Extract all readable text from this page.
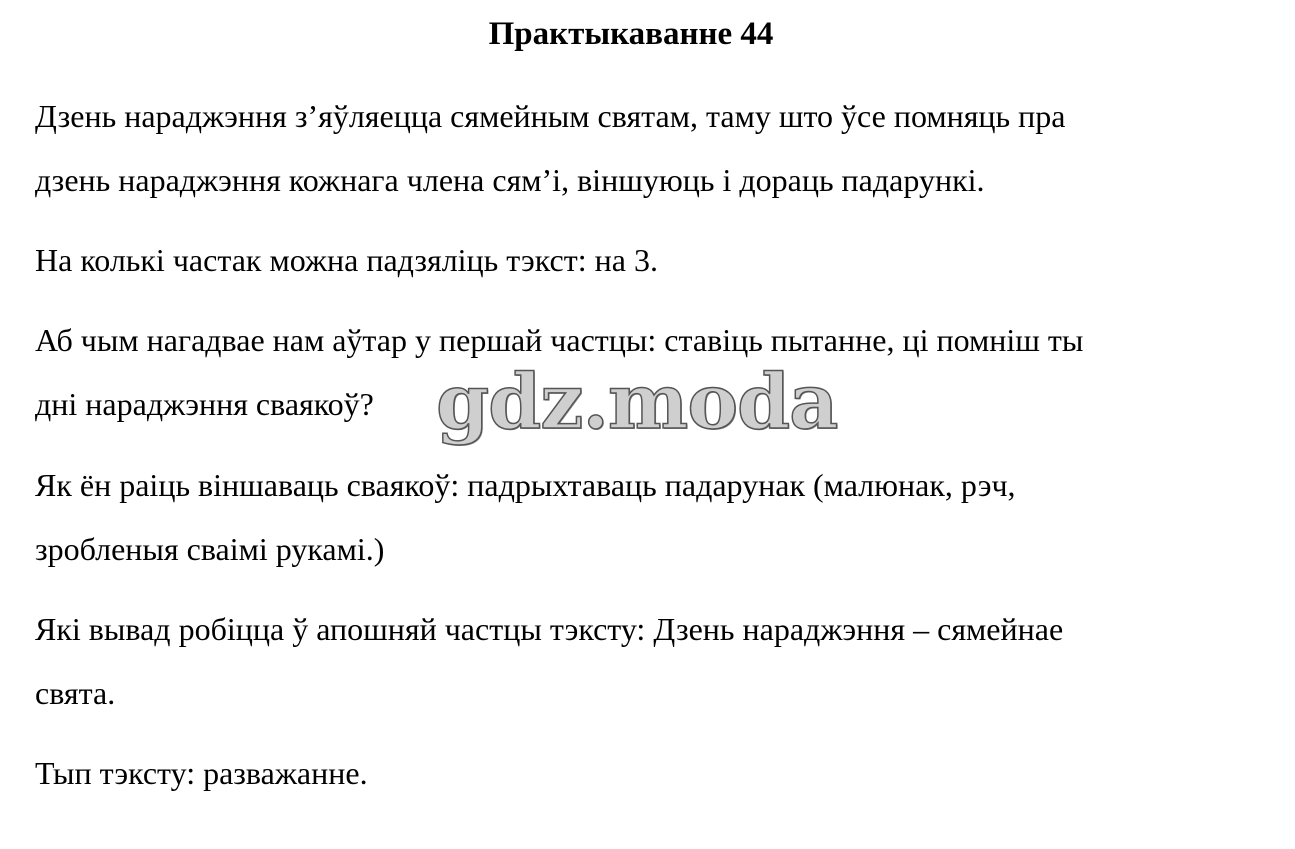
Практыкаванне 44

Дзень нараджэння з’яўляецца сямейным святам, таму што ўсе помняць пра
дзень нараджэння кожнага члена сям’і, віншуюць і дораць падарункі.

На колькі частак можна падзяліць тэкст: на 3.

Аб чым нагадвае нам аўтар у першай частцы: ставіць пытанне, ці помніш ты
дні нараджэння сваякоў?

Як ён раіць віншаваць сваякоў: падрыхтаваць падарунак (малюнак, рэч,
зробленыя сваімі рукамі.)

Які вывад робіцца ў апошняй частцы тэксту: Дзень нараджэння – сямейнае
свята.

Тып тэксту: разважанне.

gdz.moda
